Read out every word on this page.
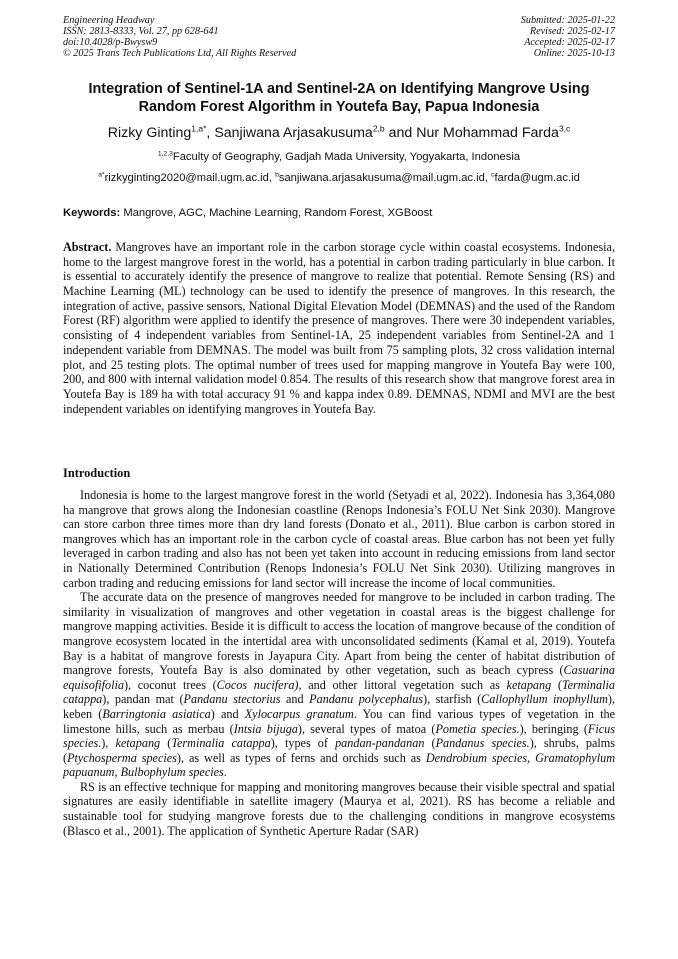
Engineering Headway
ISSN: 2813-8333, Vol. 27, pp 628-641
doi:10.4028/p-Bwysw9
© 2025 Trans Tech Publications Ltd, All Rights Reserved
Submitted: 2025-01-22
Revised: 2025-02-17
Accepted: 2025-02-17
Online: 2025-10-13
Integration of Sentinel-1A and Sentinel-2A on Identifying Mangrove Using Random Forest Algorithm in Youtefa Bay, Papua Indonesia
Rizky Ginting$^{1,a*}$, Sanjiwana Arjasakusuma$^{2,b}$ and Nur Mohammad Farda$^{3,c}$
$^{1,2,3}$Faculty of Geography, Gadjah Mada University, Yogyakarta, Indonesia
$^{a*}$rizkyginting2020@mail.ugm.ac.id, $^b$sanjiwana.arjasakusuma@mail.ugm.ac.id, $^c$farda@ugm.ac.id
Keywords: Mangrove, AGC, Machine Learning, Random Forest, XGBoost

Abstract. Mangroves have an important role in the carbon storage cycle within coastal ecosystems. Indonesia, home to the largest mangrove forest in the world, has a potential in carbon trading particularly in blue carbon. It is essential to accurately identify the presence of mangrove to realize that potential. Remote Sensing (RS) and Machine Learning (ML) technology can be used to identify the presence of mangroves. In this research, the integration of active, passive sensors, National Digital Elevation Model (DEMNAS) and the used of the Random Forest (RF) algorithm were applied to identify the presence of mangroves. There were 30 independent variables, consisting of 4 independent variables from Sentinel-1A, 25 independent variables from Sentinel-2A and 1 independent variable from DEMNAS. The model was built from 75 sampling plots, 32 cross validation internal plot, and 25 testing plots. The optimal number of trees used for mapping mangrove in Youtefa Bay were 100, 200, and 800 with internal validation model 0.854. The results of this research show that mangrove forest area in Youtefa Bay is 189 ha with total accuracy 91 % and kappa index 0.89. DEMNAS, NDMI and MVI are the best independent variables on identifying mangroves in Youtefa Bay.

Introduction

Indonesia is home to the largest mangrove forest in the world (Setyadi et al, 2022). Indonesia has 3,364,080 ha mangrove that grows along the Indonesian coastline (Renops Indonesia’s FOLU Net Sink 2030). Mangrove can store carbon three times more than dry land forests (Donato et al., 2011). Blue carbon is carbon stored in mangroves which has an important role in the carbon cycle of coastal areas. Blue carbon has not been yet fully leveraged in carbon trading and also has not been yet taken into account in reducing emissions from land sector in Nationally Determined Contribution (Renops Indonesia’s FOLU Net Sink 2030). Utilizing mangroves in carbon trading and reducing emissions for land sector will increase the income of local communities.

The accurate data on the presence of mangroves needed for mangrove to be included in carbon trading. The similarity in visualization of mangroves and other vegetation in coastal areas is the biggest challenge for mangrove mapping activities. Beside it is difficult to access the location of mangrove because of the condition of mangrove ecosystem located in the intertidal area with unconsolidated sediments (Kamal et al, 2019). Youtefa Bay is a habitat of mangrove forests in Jayapura City. Apart from being the center of habitat distribution of mangrove forests, Youtefa Bay is also dominated by other vegetation, such as beach cypress (Casuarina equisofifolia), coconut trees (Cocos nucifera), and other littoral vegetation such as ketapang (Terminalia catappa), pandan mat (Pandanu stectorius and Pandanu polycephalus), starfish (Callophyllum inophyllum), keben (Barringtonia asiatica) and Xylocarpus granatum. You can find various types of vegetation in the limestone hills, such as merbau (Intsia bijuga), several types of matoa (Pometia species.), beringing (Ficus species.), ketapang (Terminalia catappa), types of pandan-pandanan (Pandanus species.), shrubs, palms (Ptychosperma species), as well as types of ferns and orchids such as Dendrobium species, Gramatophylum papuanum, Bulbophylum species.

RS is an effective technique for mapping and monitoring mangroves because their visible spectral and spatial signatures are easily identifiable in satellite imagery (Maurya et al, 2021). RS has become a reliable and sustainable tool for studying mangrove forests due to the challenging conditions in mangrove ecosystems (Blasco et al., 2001). The application of Synthetic Aperture Radar (SAR)
